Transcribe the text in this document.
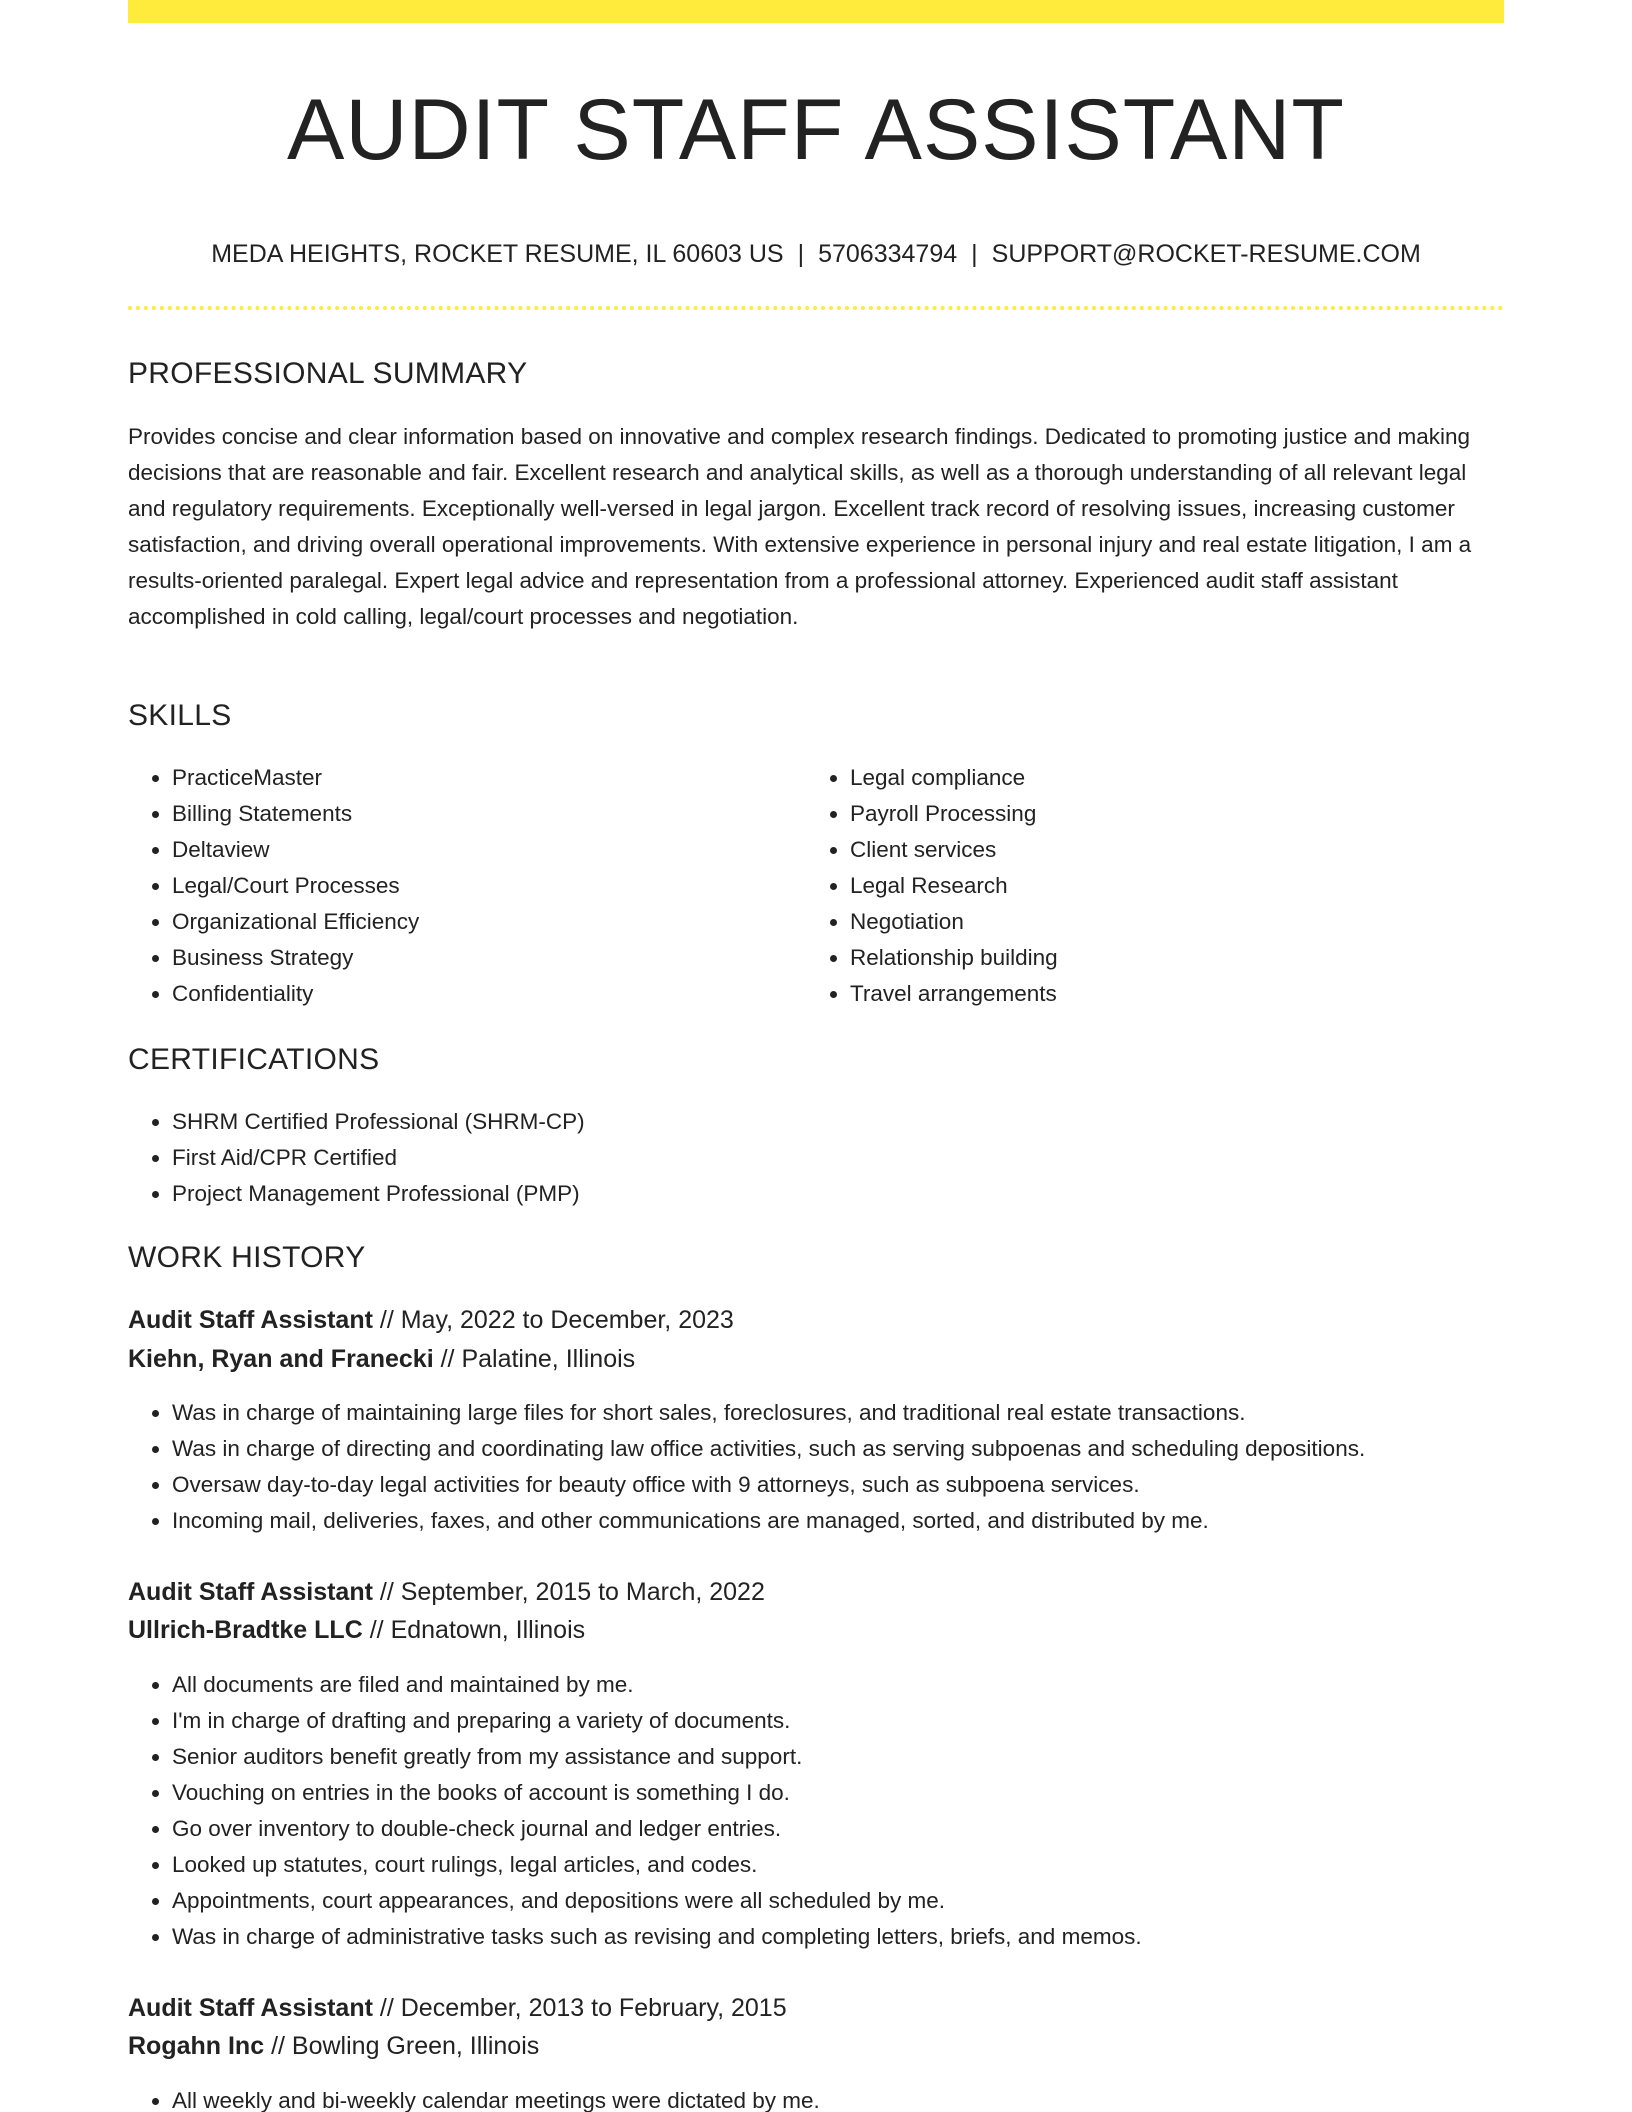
AUDIT STAFF ASSISTANT
MEDA HEIGHTS, ROCKET RESUME, IL 60603 US | 5706334794 | SUPPORT@ROCKET-RESUME.COM
PROFESSIONAL SUMMARY

Provides concise and clear information based on innovative and complex research findings. Dedicated to promoting justice and making decisions that are reasonable and fair. Excellent research and analytical skills, as well as a thorough understanding of all relevant legal and regulatory requirements. Exceptionally well-versed in legal jargon. Excellent track record of resolving issues, increasing customer satisfaction, and driving overall operational improvements. With extensive experience in personal injury and real estate litigation, I am a results-oriented paralegal. Expert legal advice and representation from a professional attorney. Experienced audit staff assistant accomplished in cold calling, legal/court processes and negotiation.

SKILLS
• PracticeMaster
• Billing Statements
• Deltaview
• Legal/Court Processes
• Organizational Efficiency
• Business Strategy
• Confidentiality
• Legal compliance
• Payroll Processing
• Client services
• Legal Research
• Negotiation
• Relationship building
• Travel arrangements
CERTIFICATIONS
• SHRM Certified Professional (SHRM-CP)
• First Aid/CPR Certified
• Project Management Professional (PMP)
WORK HISTORY
Audit Staff Assistant // May, 2022 to December, 2023
Kiehn, Ryan and Franecki // Palatine, Illinois
• Was in charge of maintaining large files for short sales, foreclosures, and traditional real estate transactions.
• Was in charge of directing and coordinating law office activities, such as serving subpoenas and scheduling depositions.
• Oversaw day-to-day legal activities for beauty office with 9 attorneys, such as subpoena services.
• Incoming mail, deliveries, faxes, and other communications are managed, sorted, and distributed by me.
Audit Staff Assistant // September, 2015 to March, 2022
Ullrich-Bradtke LLC // Ednatown, Illinois
• All documents are filed and maintained by me.
• I'm in charge of drafting and preparing a variety of documents.
• Senior auditors benefit greatly from my assistance and support.
• Vouching on entries in the books of account is something I do.
• Go over inventory to double-check journal and ledger entries.
• Looked up statutes, court rulings, legal articles, and codes.
• Appointments, court appearances, and depositions were all scheduled by me.
• Was in charge of administrative tasks such as revising and completing letters, briefs, and memos.
Audit Staff Assistant // December, 2013 to February, 2015
Rogahn Inc // Bowling Green, Illinois
• All weekly and bi-weekly calendar meetings were dictated by me.
